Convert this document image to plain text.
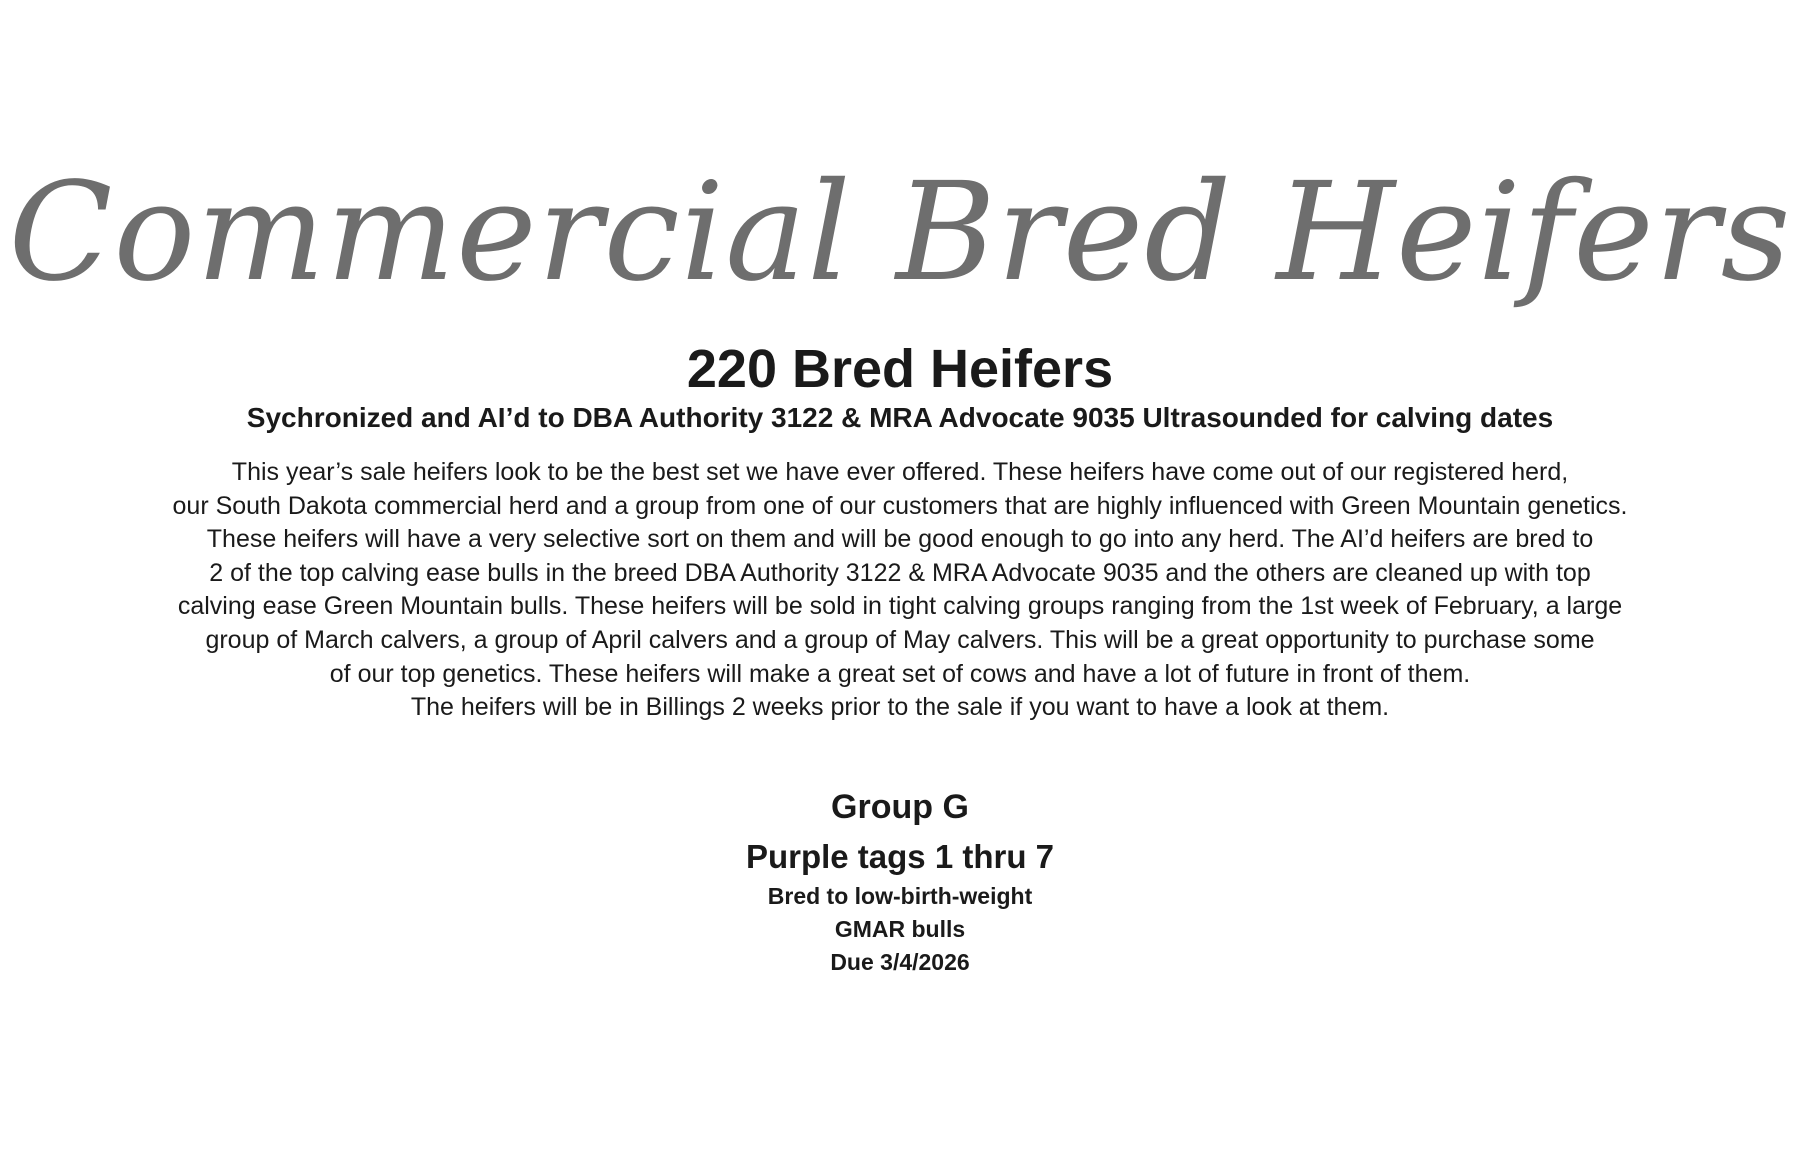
Commercial Bred Heifers
220 Bred Heifers
Sychronized and AI’d to DBA Authority 3122 & MRA Advocate 9035 Ultrasounded for calving dates
This year’s sale heifers look to be the best set we have ever offered. These heifers have come out of our registered herd,
our South Dakota commercial herd and a group from one of our customers that are highly influenced with Green Mountain genetics.
These heifers will have a very selective sort on them and will be good enough to go into any herd. The AI’d heifers are bred to
2 of the top calving ease bulls in the breed DBA Authority 3122 & MRA Advocate 9035 and the others are cleaned up with top
calving ease Green Mountain bulls. These heifers will be sold in tight calving groups ranging from the 1st week of February, a large
group of March calvers, a group of April calvers and a group of May calvers. This will be a great opportunity to purchase some
of our top genetics. These heifers will make a great set of cows and have a lot of future in front of them.
The heifers will be in Billings 2 weeks prior to the sale if you want to have a look at them.
Group G
Purple tags 1 thru 7
Bred to low-birth-weight
GMAR bulls
Due 3/4/2026
